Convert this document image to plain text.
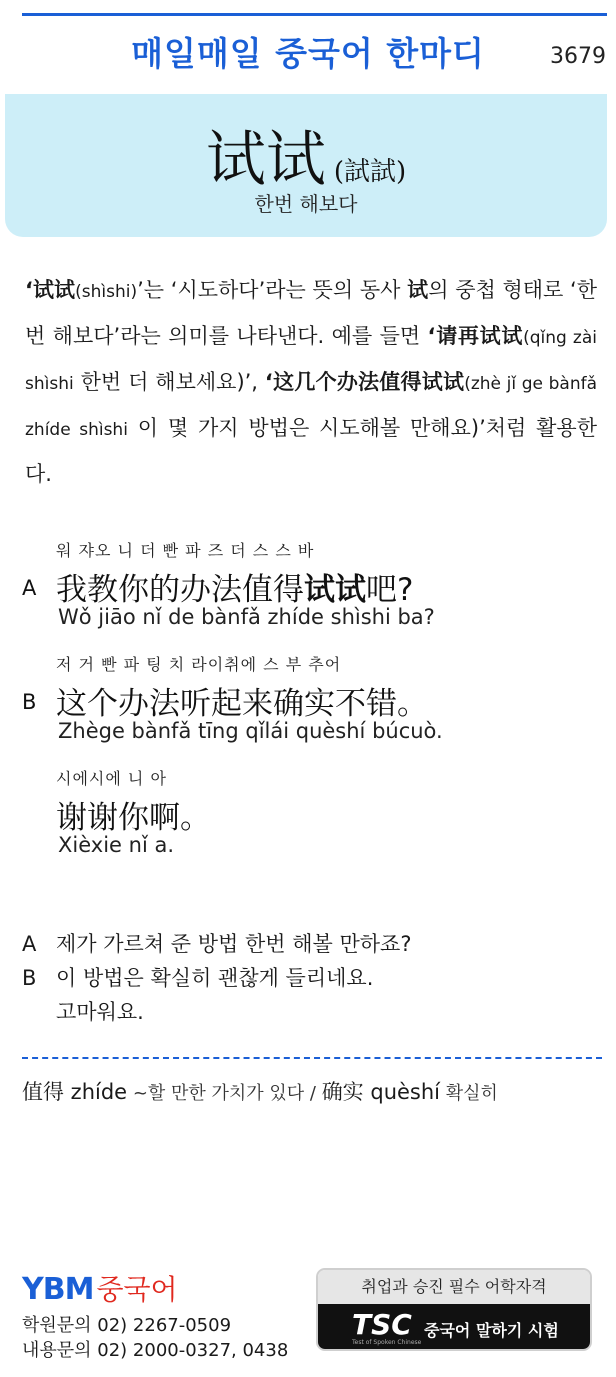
매일매일 중국어 한마디	3679
试试 (試試)
한번 해보다
‘试试(shìshi)’는 ‘시도하다’라는 뜻의 동사 试의 중첩 형태로 ‘한번 해보다’라는 의미를 나타낸다. 예를 들면 ‘请再试试(qǐng zài shìshi 한번 더 해보세요)’, ‘这几个办法值得试试(zhè jǐ ge bànfǎ zhíde shìshi 이 몇 가지 방법은 시도해볼 만해요)’처럼 활용한다.
워 쟈오 니 더 빤 파 즈 더 스 스 바
A 我教你的办法值得试试吧?
Wǒ jiāo nǐ de bànfǎ zhíde shìshi ba?
저 거 빤 파 팅 치 라이취에 스 부 추어
B 这个办法听起来确实不错。
Zhège bànfǎ tīng qǐlái quèshí búcuò.
시에시에 니 아
谢谢你啊。
Xièxie nǐ a.
A 제가 가르쳐 준 방법 한번 해볼 만하죠?
B 이 방법은 확실히 괜찮게 들리네요.
고마워요.
值得 zhíde ~할 만한 가치가 있다 / 确实 quèshí 확실히
YBM 중국어
학원문의 02) 2267-0509
내용문의 02) 2000-0327, 0438
취업과 승진 필수 어학자격
TSC
Test of Spoken Chinese
중국어 말하기 시험
